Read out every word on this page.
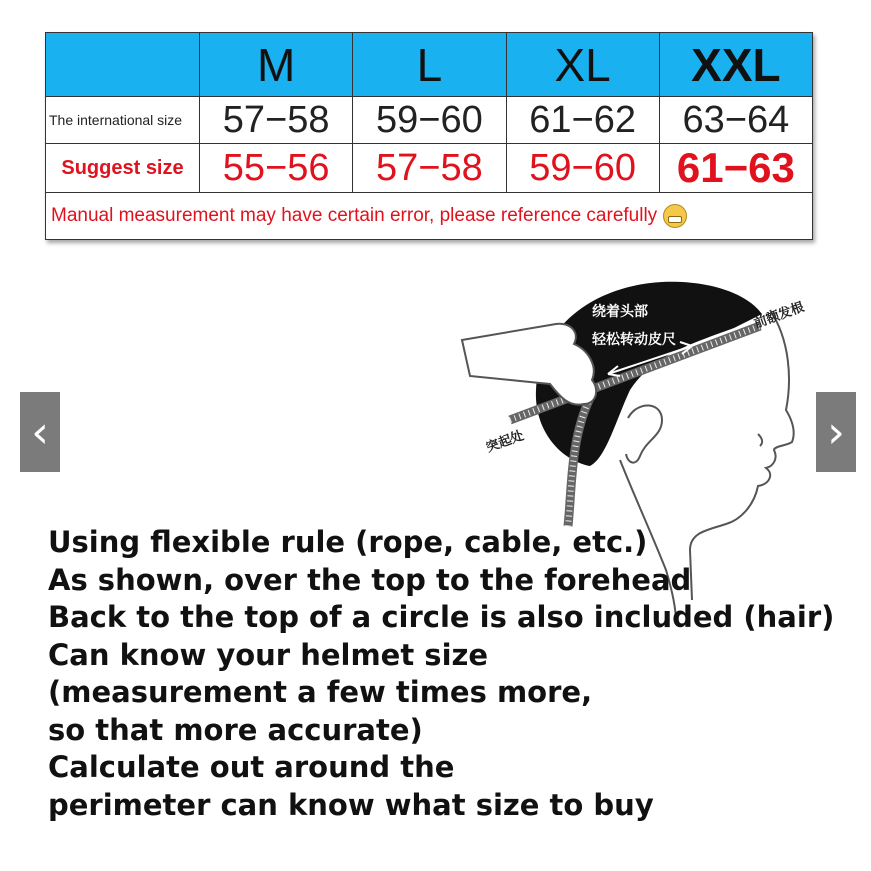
	M	L	XL	XXL
The international size	57−58	59−60	61−62	63−64
Suggest size	55−56	57−58	59−60	61−63
Manual measurement may have certain error, please reference carefully				
‹	›
绕着头部
轻松转动皮尺
前额发根
突起处
Using flexible rule (rope, cable, etc.)
As shown, over the top to the forehead
Back to the top of a circle is also included (hair)
Can know your helmet size
(measurement a few times more,
so that more accurate)
Calculate out around the
perimeter can know what size to buy
